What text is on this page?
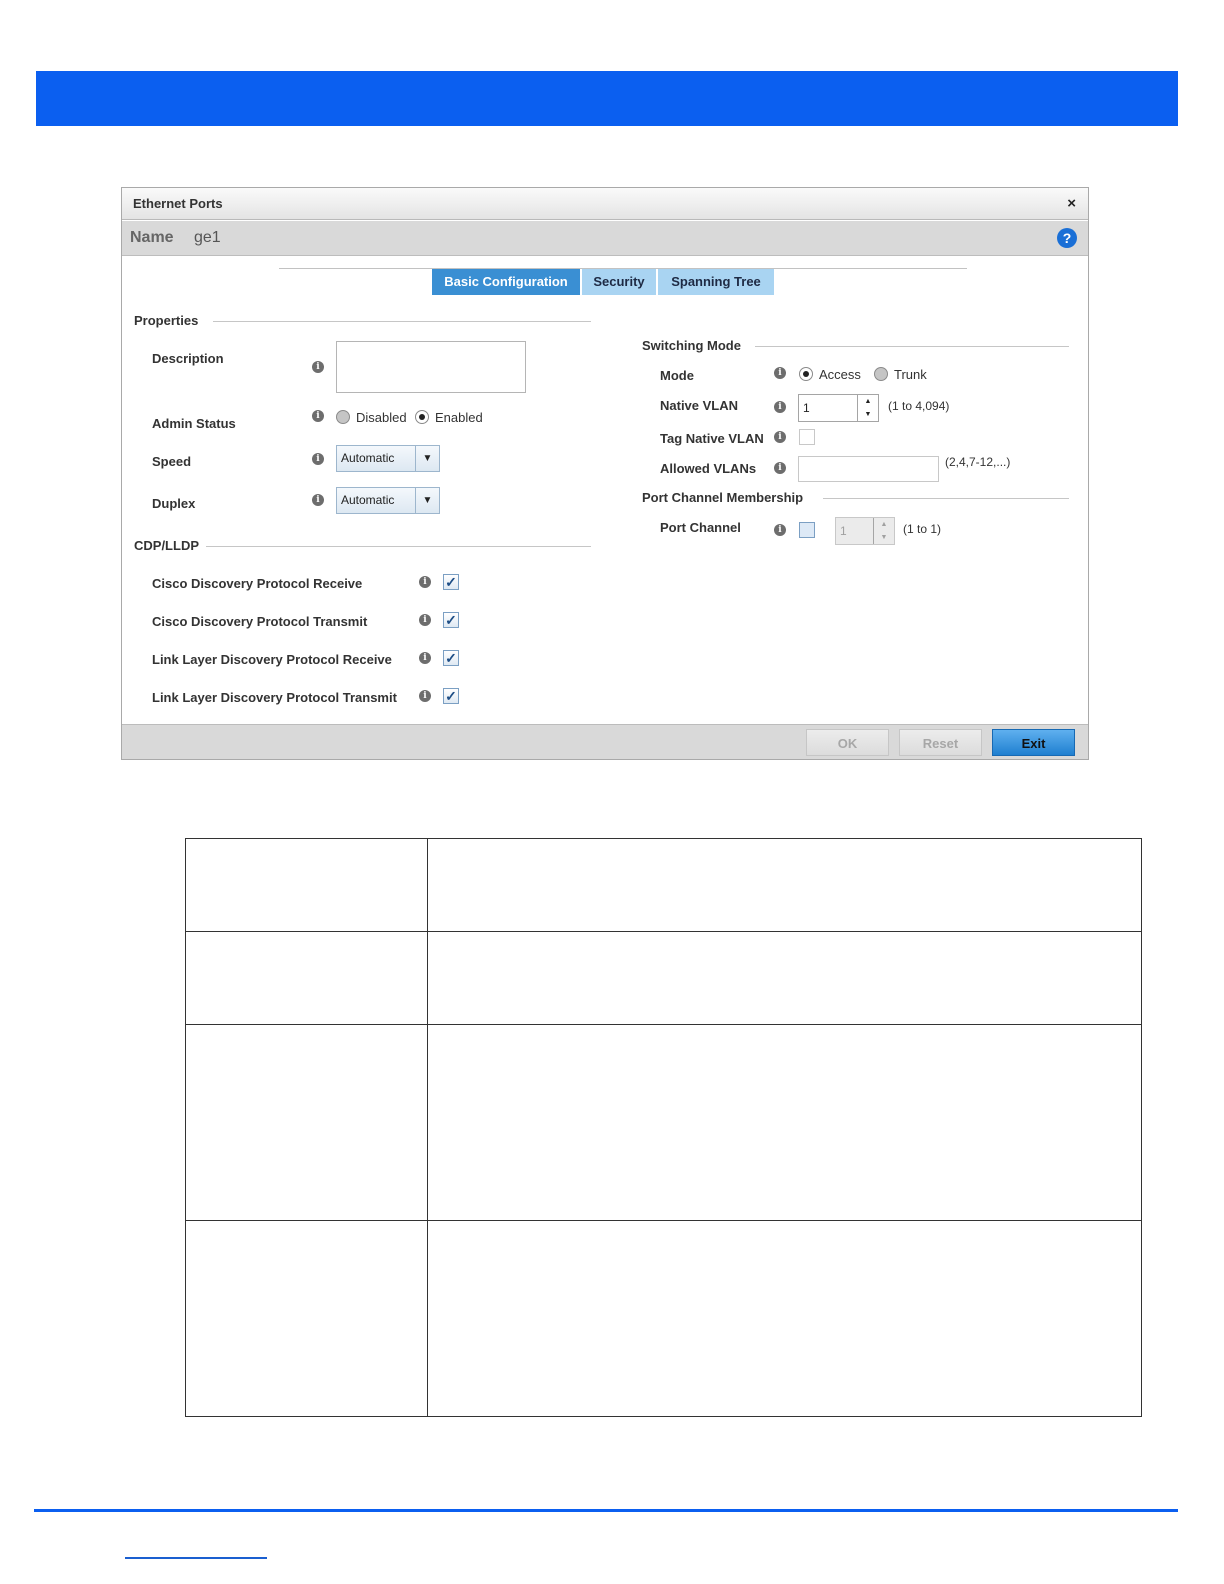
Ethernet Ports	×
Name ge1	?
Basic Configuration	Security	Spanning Tree
Properties
Description
i
Admin Status	i	Disabled Enabled
Speed	i	Automatic	▼
Duplex	i	Automatic	▼
CDP/LLDP
Cisco Discovery Protocol Receive	i	✓
Cisco Discovery Protocol Transmit	i	✓
Link Layer Discovery Protocol Receive	i	✓
Link Layer Discovery Protocol Transmit	i	✓
Switching Mode
Mode	i	Access	Trunk
Native VLAN	i	1	▲
▼
(1 to 4,094)
Tag Native VLAN	i
Allowed VLANs	i	(2,4,7-12,...)
Port Channel Membership
Port Channel	i	1	▲
▼
(1 to 1)
OK	Reset	Exit
